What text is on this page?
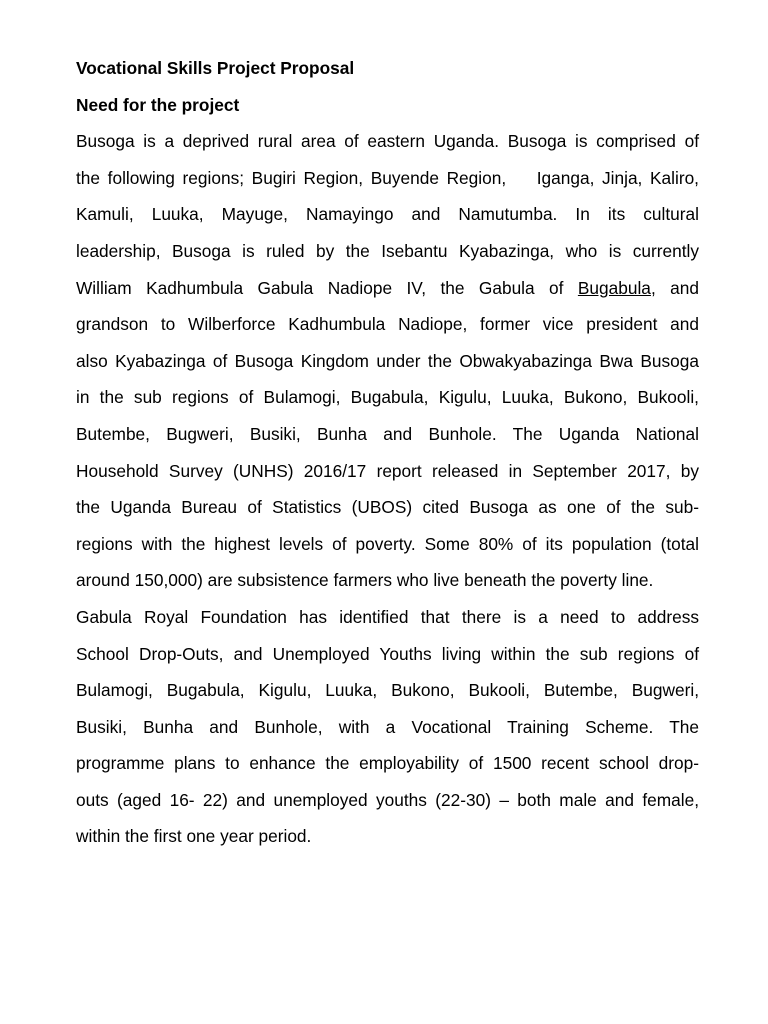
Vocational Skills Project Proposal
Need for the project
Busoga is a deprived rural area of eastern Uganda. Busoga is comprised of
the following regions; Bugiri Region, Buyende Region,    Iganga, Jinja, Kaliro,
Kamuli, Luuka, Mayuge, Namayingo and Namutumba. In its cultural
leadership, Busoga is ruled by the Isebantu Kyabazinga, who is currently
William Kadhumbula Gabula Nadiope IV, the Gabula of Bugabula, and
grandson to Wilberforce Kadhumbula Nadiope, former vice president and
also Kyabazinga of Busoga Kingdom under the Obwakyabazinga Bwa Busoga
in the sub regions of Bulamogi, Bugabula, Kigulu, Luuka, Bukono, Bukooli,
Butembe, Bugweri, Busiki, Bunha and Bunhole. The Uganda National
Household Survey (UNHS) 2016/17 report released in September 2017, by
the Uganda Bureau of Statistics (UBOS) cited Busoga as one of the sub-
regions with the highest levels of poverty. Some 80% of its population (total
around 150,000) are subsistence farmers who live beneath the poverty line.
Gabula Royal Foundation has identified that there is a need to address
School Drop-Outs, and Unemployed Youths living within the sub regions of
Bulamogi, Bugabula, Kigulu, Luuka, Bukono, Bukooli, Butembe, Bugweri,
Busiki, Bunha and Bunhole, with a Vocational Training Scheme. The
programme plans to enhance the employability of 1500 recent school drop-
outs (aged 16- 22) and unemployed youths (22-30) – both male and female,
within the first one year period.
